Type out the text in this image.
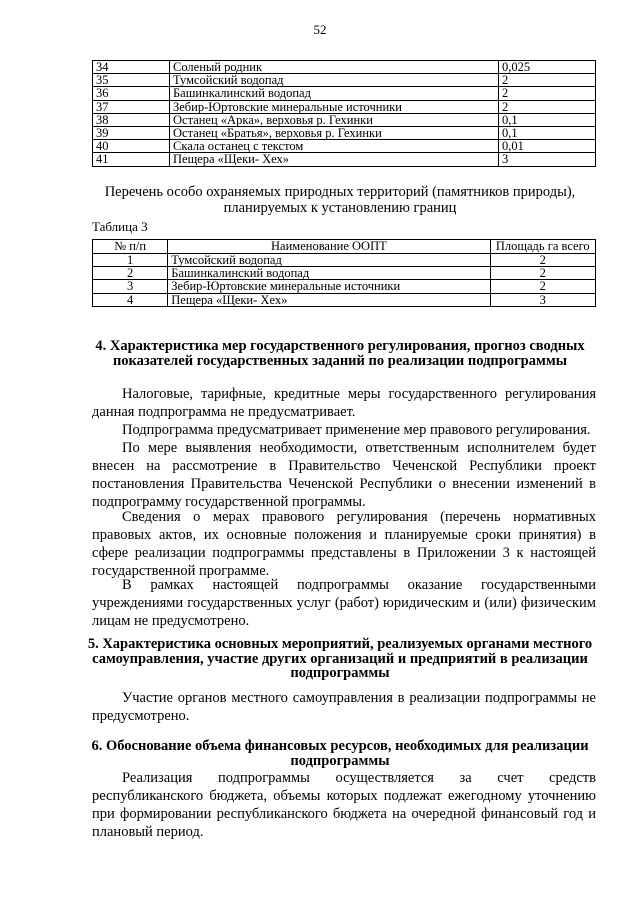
52
34	Соленый родник	0,025
35	Тумсойский водопад	2
36	Башинкалинский водопад	2
37	Зебир-Юртовские минеральные источники	2
38	Останец «Арка», верховья р. Гехинки	0,1
39	Останец «Братья», верховья р. Гехинки	0,1
40	Скала останец с текстом	0,01
41	Пещера «Щеки- Хех»	3
Перечень особо охраняемых природных территорий (памятников природы), планируемых к установлению границ
Таблица 3
№ п/п	Наименование ООПТ	Площадь га всего
1	Тумсойский водопад	2
2	Башинкалинский водопад	2
3	Зебир-Юртовские минеральные источники	2
4	Пещера «Щеки- Хех»	3
4. Характеристика мер государственного регулирования, прогноз сводных показателей государственных заданий по реализации подпрограммы

Налоговые, тарифные, кредитные меры государственного регулирования данная подпрограмма не предусматривает.

Подпрограмма предусматривает применение мер правового регулирования.

По мере выявления необходимости, ответственным исполнителем будет внесен на рассмотрение в Правительство Чеченской Республики проект постановления Правительства Чеченской Республики о внесении изменений в подпрограмму государственной программы.

Сведения о мерах правового регулирования (перечень нормативных правовых актов, их основные положения и планируемые сроки принятия) в сфере реализации подпрограммы представлены в Приложении 3 к настоящей государственной программе.

В рамках настоящей подпрограммы оказание государственными учреждениями государственных услуг (работ) юридическим и (или) физическим лицам не предусмотрено.

5. Характеристика основных мероприятий, реализуемых органами местного самоуправления, участие других организаций и предприятий в реализации подпрограммы

Участие органов местного самоуправления в реализации подпрограммы не предусмотрено.

6. Обоснование объема финансовых ресурсов, необходимых для реализации подпрограммы

Реализация подпрограммы осуществляется за счет средств республиканского бюджета, объемы которых подлежат ежегодному уточнению при формировании республиканского бюджета на очередной финансовый год и плановый период.
